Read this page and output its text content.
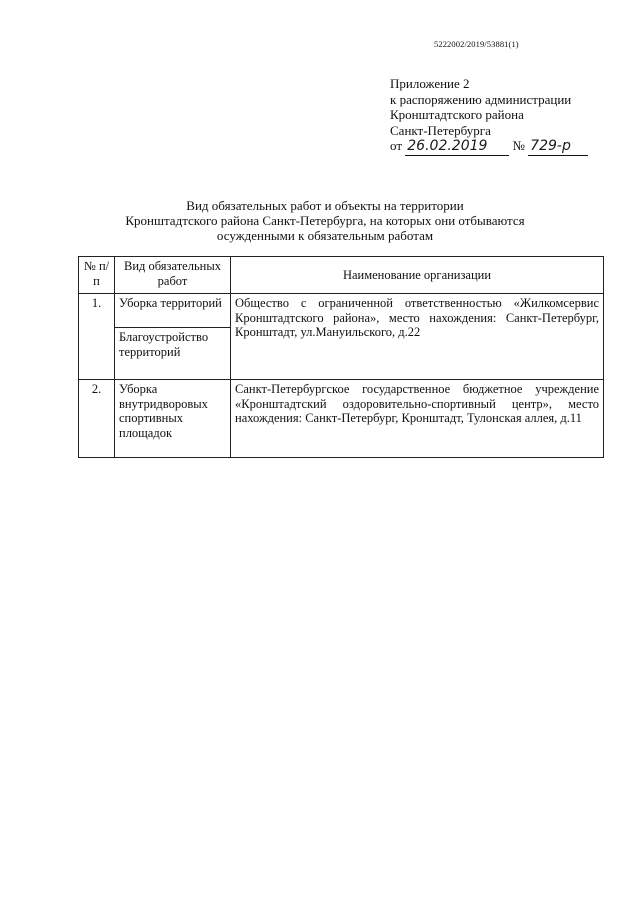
5222002/2019/53881(1)
Приложение 2
к распоряжению администрации
Кронштадтского района
Санкт-Петербурга
от 26.02.2019 № 729-р
Вид обязательных работ и объекты на территории
Кронштадтского района Санкт-Петербурга, на которых они отбываются
осужденными к обязательным работам
№ п/п	Вид обязательных работ	Наименование организации
1.	Уборка территорий	Общество с ограниченной ответственностью «Жилкомсервис Кронштадтского района», место нахождения: Санкт-Петербург, Кронштадт, ул.Мануильского, д.22
	Благоустройство территорий	
2.	Уборка внутридворовых спортивных площадок	Санкт-Петербургское государственное бюджетное учреждение «Кронштадтский оздоровительно-спортивный центр», место нахождения: Санкт-Петербург, Кронштадт, Тулонская аллея, д.11
